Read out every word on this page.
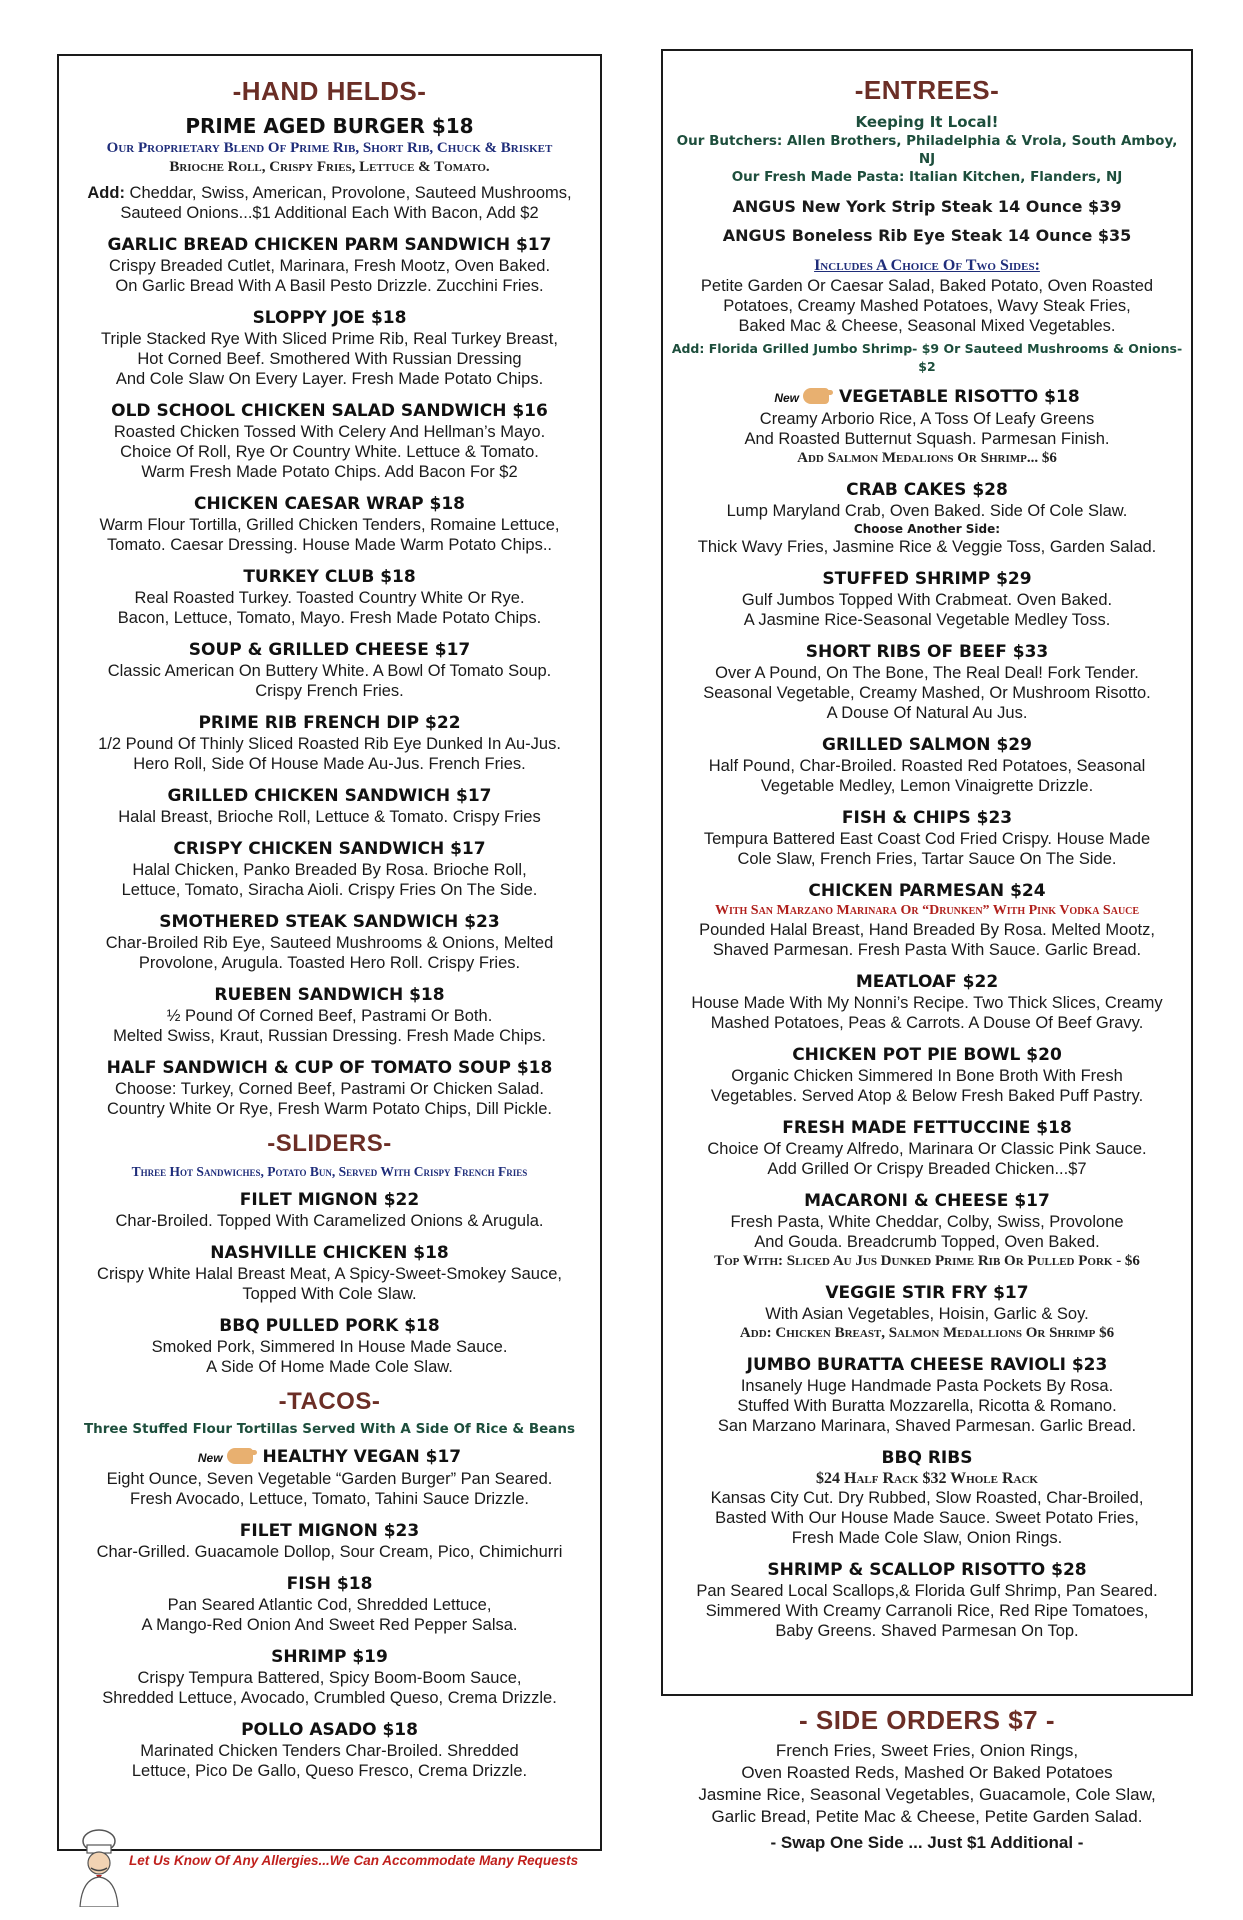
-HAND HELDS-
PRIME AGED BURGER $18
Our Proprietary Blend Of Prime Rib, Short Rib, Chuck & Brisket
Brioche Roll, Crispy Fries, Lettuce & Tomato.
Add: Cheddar, Swiss, American, Provolone, Sauteed Mushrooms,
Sauteed Onions...$1 Additional Each With Bacon, Add $2
GARLIC BREAD CHICKEN PARM SANDWICH $17
Crispy Breaded Cutlet, Marinara, Fresh Mootz, Oven Baked.
On Garlic Bread With A Basil Pesto Drizzle. Zucchini Fries.
SLOPPY JOE $18
Triple Stacked Rye With Sliced Prime Rib, Real Turkey Breast,
Hot Corned Beef. Smothered With Russian Dressing
And Cole Slaw On Every Layer. Fresh Made Potato Chips.
OLD SCHOOL CHICKEN SALAD SANDWICH $16
Roasted Chicken Tossed With Celery And Hellman’s Mayo.
Choice Of Roll, Rye Or Country White. Lettuce & Tomato.
Warm Fresh Made Potato Chips. Add Bacon For $2
CHICKEN CAESAR WRAP $18
Warm Flour Tortilla, Grilled Chicken Tenders, Romaine Lettuce,
Tomato. Caesar Dressing. House Made Warm Potato Chips..
TURKEY CLUB $18
Real Roasted Turkey. Toasted Country White Or Rye.
Bacon, Lettuce, Tomato, Mayo. Fresh Made Potato Chips.
SOUP & GRILLED CHEESE $17
Classic American On Buttery White. A Bowl Of Tomato Soup.
Crispy French Fries.
PRIME RIB FRENCH DIP $22
1/2 Pound Of Thinly Sliced Roasted Rib Eye Dunked In Au-Jus.
Hero Roll, Side Of House Made Au-Jus. French Fries.
GRILLED CHICKEN SANDWICH $17
Halal Breast, Brioche Roll, Lettuce & Tomato. Crispy Fries
CRISPY CHICKEN SANDWICH $17
Halal Chicken, Panko Breaded By Rosa. Brioche Roll,
Lettuce, Tomato, Siracha Aioli. Crispy Fries On The Side.
SMOTHERED STEAK SANDWICH $23
Char-Broiled Rib Eye, Sauteed Mushrooms & Onions, Melted
Provolone, Arugula. Toasted Hero Roll. Crispy Fries.
RUEBEN SANDWICH $18
½ Pound Of Corned Beef, Pastrami Or Both.
Melted Swiss, Kraut, Russian Dressing. Fresh Made Chips.
HALF SANDWICH & CUP OF TOMATO SOUP $18
Choose: Turkey, Corned Beef, Pastrami Or Chicken Salad.
Country White Or Rye, Fresh Warm Potato Chips, Dill Pickle.
-SLIDERS-
Three Hot Sandwiches, Potato Bun, Served With Crispy French Fries
FILET MIGNON $22
Char-Broiled. Topped With Caramelized Onions & Arugula.
NASHVILLE CHICKEN $18
Crispy White Halal Breast Meat, A Spicy-Sweet-Smokey Sauce,
Topped With Cole Slaw.
BBQ PULLED PORK $18
Smoked Pork, Simmered In House Made Sauce.
A Side Of Home Made Cole Slaw.
-TACOS-
Three Stuffed Flour Tortillas Served With A Side Of Rice & Beans
New HEALTHY VEGAN $17
Eight Ounce, Seven Vegetable “Garden Burger” Pan Seared.
Fresh Avocado, Lettuce, Tomato, Tahini Sauce Drizzle.
FILET MIGNON $23
Char-Grilled. Guacamole Dollop, Sour Cream, Pico, Chimichurri
FISH $18
Pan Seared Atlantic Cod, Shredded Lettuce,
A Mango-Red Onion And Sweet Red Pepper Salsa.
SHRIMP $19
Crispy Tempura Battered, Spicy Boom-Boom Sauce,
Shredded Lettuce, Avocado, Crumbled Queso, Crema Drizzle.
POLLO ASADO $18
Marinated Chicken Tenders Char-Broiled. Shredded
Lettuce, Pico De Gallo, Queso Fresco, Crema Drizzle.
-ENTREES-
Keeping It Local!
Our Butchers: Allen Brothers, Philadelphia & Vrola, South Amboy, NJ
Our Fresh Made Pasta: Italian Kitchen, Flanders, NJ
ANGUS New York Strip Steak 14 Ounce $39
ANGUS Boneless Rib Eye Steak 14 Ounce $35
Includes A Choice Of Two Sides:
Petite Garden Or Caesar Salad, Baked Potato, Oven Roasted
Potatoes, Creamy Mashed Potatoes, Wavy Steak Fries,
Baked Mac & Cheese, Seasonal Mixed Vegetables.
Add: Florida Grilled Jumbo Shrimp- $9 Or Sauteed Mushrooms & Onions- $2
New VEGETABLE RISOTTO $18
Creamy Arborio Rice, A Toss Of Leafy Greens
And Roasted Butternut Squash. Parmesan Finish.
Add Salmon Medalions Or Shrimp... $6
CRAB CAKES $28
Lump Maryland Crab, Oven Baked. Side Of Cole Slaw.
Choose Another Side:
Thick Wavy Fries, Jasmine Rice & Veggie Toss, Garden Salad.
STUFFED SHRIMP $29
Gulf Jumbos Topped With Crabmeat. Oven Baked.
A Jasmine Rice-Seasonal Vegetable Medley Toss.
SHORT RIBS OF BEEF $33
Over A Pound, On The Bone, The Real Deal! Fork Tender.
Seasonal Vegetable, Creamy Mashed, Or Mushroom Risotto.
A Douse Of Natural Au Jus.
GRILLED SALMON $29
Half Pound, Char-Broiled. Roasted Red Potatoes, Seasonal
Vegetable Medley, Lemon Vinaigrette Drizzle.
FISH & CHIPS $23
Tempura Battered East Coast Cod Fried Crispy. House Made
Cole Slaw, French Fries, Tartar Sauce On The Side.
CHICKEN PARMESAN $24
With San Marzano Marinara Or “Drunken” With Pink Vodka Sauce
Pounded Halal Breast, Hand Breaded By Rosa. Melted Mootz,
Shaved Parmesan. Fresh Pasta With Sauce. Garlic Bread.
MEATLOAF $22
House Made With My Nonni’s Recipe. Two Thick Slices, Creamy
Mashed Potatoes, Peas & Carrots. A Douse Of Beef Gravy.
CHICKEN POT PIE BOWL $20
Organic Chicken Simmered In Bone Broth With Fresh
Vegetables. Served Atop & Below Fresh Baked Puff Pastry.
FRESH MADE FETTUCCINE $18
Choice Of Creamy Alfredo, Marinara Or Classic Pink Sauce.
Add Grilled Or Crispy Breaded Chicken...$7
MACARONI & CHEESE $17
Fresh Pasta, White Cheddar, Colby, Swiss, Provolone
And Gouda. Breadcrumb Topped, Oven Baked.
Top With: Sliced Au Jus Dunked Prime Rib Or Pulled Pork - $6
VEGGIE STIR FRY $17
With Asian Vegetables, Hoisin, Garlic & Soy.
Add: Chicken Breast, Salmon Medallions Or Shrimp $6
JUMBO BURATTA CHEESE RAVIOLI $23
Insanely Huge Handmade Pasta Pockets By Rosa.
Stuffed With Buratta Mozzarella, Ricotta & Romano.
San Marzano Marinara, Shaved Parmesan. Garlic Bread.
BBQ RIBS
$24 Half Rack $32 Whole Rack
Kansas City Cut. Dry Rubbed, Slow Roasted, Char-Broiled,
Basted With Our House Made Sauce. Sweet Potato Fries,
Fresh Made Cole Slaw, Onion Rings.
SHRIMP & SCALLOP RISOTTO $28
Pan Seared Local Scallops,& Florida Gulf Shrimp, Pan Seared.
Simmered With Creamy Carranoli Rice, Red Ripe Tomatoes,
Baby Greens. Shaved Parmesan On Top.
- SIDE ORDERS $7 -
French Fries, Sweet Fries, Onion Rings,
Oven Roasted Reds, Mashed Or Baked Potatoes
Jasmine Rice, Seasonal Vegetables, Guacamole, Cole Slaw,
Garlic Bread, Petite Mac & Cheese, Petite Garden Salad.
- Swap One Side ... Just $1 Additional -
Let Us Know Of Any Allergies...We Can Accommodate Many Requests
